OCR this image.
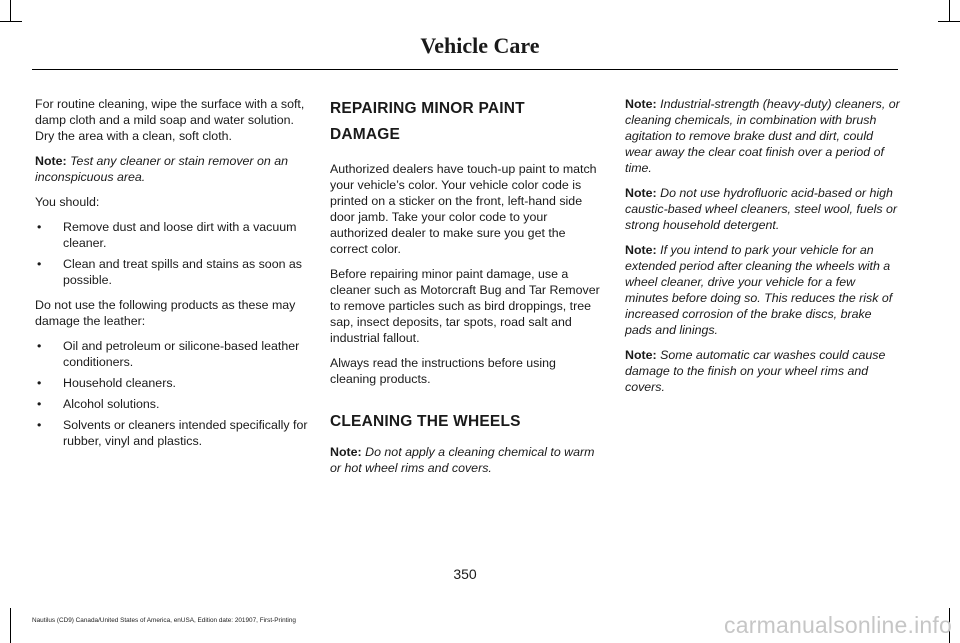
Vehicle Care

For routine cleaning, wipe the surface with a soft, damp cloth and a mild soap and water solution. Dry the area with a clean, soft cloth.

Note: Test any cleaner or stain remover on an inconspicuous area.

You should:

• Remove dust and loose dirt with a vacuum cleaner.
• Clean and treat spills and stains as soon as possible.

Do not use the following products as these may damage the leather:

• Oil and petroleum or silicone-based leather conditioners.
• Household cleaners.
• Alcohol solutions.
• Solvents or cleaners intended specifically for rubber, vinyl and plastics.
REPAIRING MINOR PAINT
DAMAGE

Authorized dealers have touch-up paint to match your vehicle’s color. Your vehicle color code is printed on a sticker on the front, left-hand side door jamb. Take your color code to your authorized dealer to make sure you get the correct color.

Before repairing minor paint damage, use a cleaner such as Motorcraft Bug and Tar Remover to remove particles such as bird droppings, tree sap, insect deposits, tar spots, road salt and industrial fallout.

Always read the instructions before using cleaning products.

CLEANING THE WHEELS

Note: Do not apply a cleaning chemical to warm or hot wheel rims and covers.

Note: Industrial-strength (heavy-duty) cleaners, or cleaning chemicals, in combination with brush agitation to remove brake dust and dirt, could wear away the clear coat finish over a period of time.

Note: Do not use hydrofluoric acid-based or high caustic-based wheel cleaners, steel wool, fuels or strong household detergent.

Note: If you intend to park your vehicle for an extended period after cleaning the wheels with a wheel cleaner, drive your vehicle for a few minutes before doing so. This reduces the risk of increased corrosion of the brake discs, brake pads and linings.

Note: Some automatic car washes could cause damage to the finish on your wheel rims and covers.

350
Nautilus (CD9) Canada/United States of America, enUSA, Edition date: 201907, First-Printing	carmanualsonline.info
